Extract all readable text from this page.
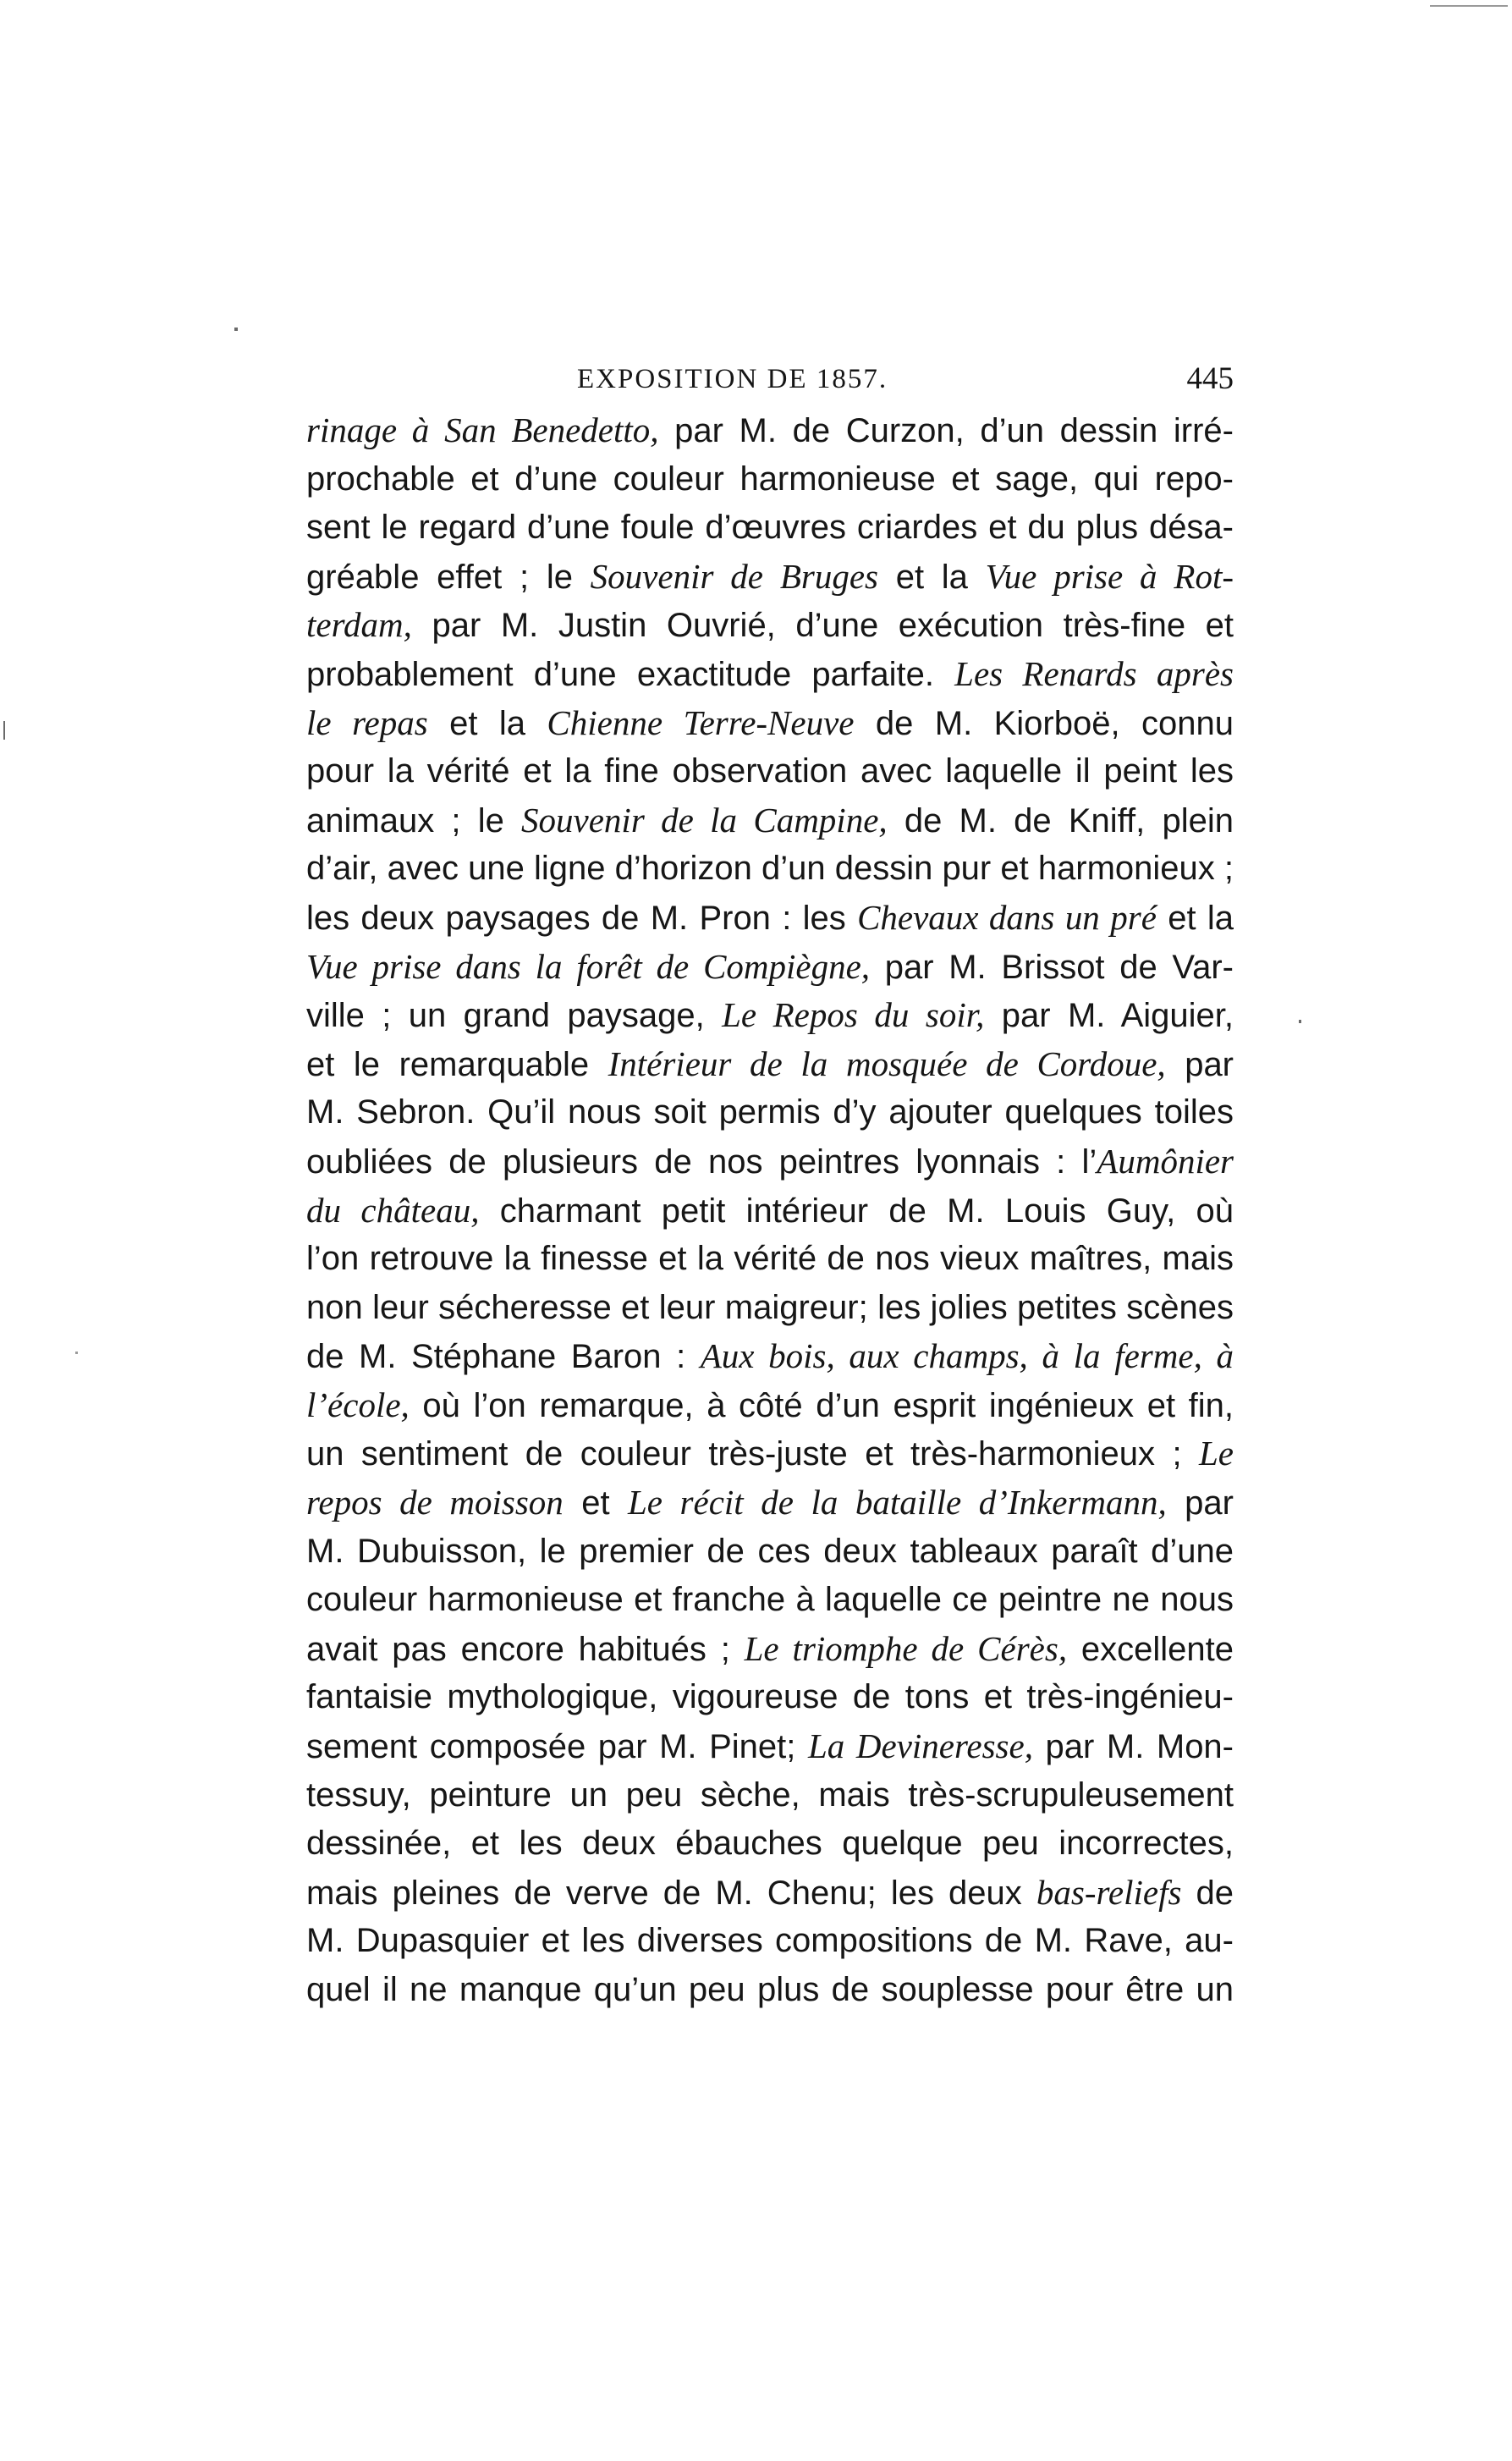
EXPOSITION DE 1857.	445
rinage à San Benedetto, par M. de Curzon, d’un dessin irré-
prochable et d’une couleur harmonieuse et sage, qui repo-
sent le regard d’une foule d’œuvres criardes et du plus désa-
gréable effet ; le Souvenir de Bruges et la Vue prise à Rot-
terdam, par M. Justin Ouvrié, d’une exécution très-fine et
probablement d’une exactitude parfaite. Les Renards après
le repas et la Chienne Terre-Neuve de M. Kiorboë, connu
pour la vérité et la fine observation avec laquelle il peint les
animaux ; le Souvenir de la Campine, de M. de Kniff, plein
d’air, avec une ligne d’horizon d’un dessin pur et harmonieux ;
les deux paysages de M. Pron : les Chevaux dans un pré et la
Vue prise dans la forêt de Compiègne, par M. Brissot de Var-
ville ; un grand paysage, Le Repos du soir, par M. Aiguier,
et le remarquable Intérieur de la mosquée de Cordoue, par
M. Sebron. Qu’il nous soit permis d’y ajouter quelques toiles
oubliées de plusieurs de nos peintres lyonnais : l’Aumônier
du château, charmant petit intérieur de M. Louis Guy, où
l’on retrouve la finesse et la vérité de nos vieux maîtres, mais
non leur sécheresse et leur maigreur; les jolies petites scènes
de M. Stéphane Baron : Aux bois, aux champs, à la ferme, à
l’école, où l’on remarque, à côté d’un esprit ingénieux et fin,
un sentiment de couleur très-juste et très-harmonieux ; Le
repos de moisson et Le récit de la bataille d’Inkermann, par
M. Dubuisson, le premier de ces deux tableaux paraît d’une
couleur harmonieuse et franche à laquelle ce peintre ne nous
avait pas encore habitués ; Le triomphe de Cérès, excellente
fantaisie mythologique, vigoureuse de tons et très-ingénieu-
sement composée par M. Pinet; La Devineresse, par M. Mon-
tessuy, peinture un peu sèche, mais très-scrupuleusement
dessinée, et les deux ébauches quelque peu incorrectes,
mais pleines de verve de M. Chenu; les deux bas-reliefs de
M. Dupasquier et les diverses compositions de M. Rave, au-
quel il ne manque qu’un peu plus de souplesse pour être un
